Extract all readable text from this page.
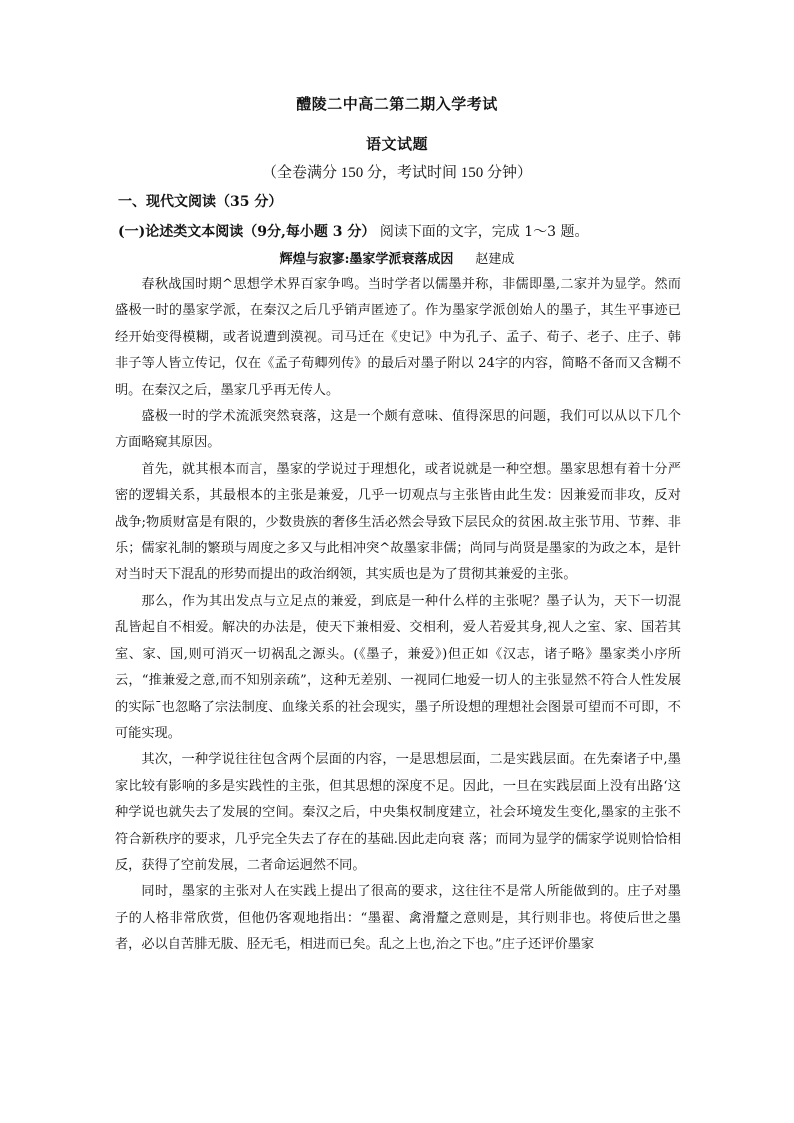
醴陵二中高二第二期入学考试
语文试题
（全卷满分 150 分，考试时间 150 分钟）
一、现代文阅读（35 分）
(一)论述类文本阅读（9分,每小题 3 分） 阅读下面的文字，完成 1～3 题。
辉煌与寂寥:墨家学派衰落成因 赵建成

春秋战国时期^思想学术界百家争鸣。当时学者以儒墨并称，非儒即墨,二家并为显学。然而盛极一时的墨家学派，在秦汉之后几乎销声匿迹了。作为墨家学派创始人的墨子，其生平事迹已经开始变得模糊，或者说遭到漠视。司马迁在《史记》中为孔子、孟子、荀子、老子、庄子、韩非子等人皆立传记，仅在《孟子荀卿列传》的最后对墨子附以 24字的内容，简略不备而又含糊不明。在秦汉之后，墨家几乎再无传人。

盛极一时的学术流派突然衰落，这是一个颇有意味、值得深思的问题，我们可以从以下几个方面略窥其原因。

首先，就其根本而言，墨家的学说过于理想化，或者说就是一种空想。墨家思想有着十分严密的逻辑关系，其最根本的主张是兼爱，几乎一切观点与主张皆由此生发：因兼爱而非攻，反对战争;物质财富是有限的，少数贵族的奢侈生活必然会导致下层民众的贫困.故主张节用、节葬、非乐；儒家礼制的繁琐与周度之多又与此相冲突^故墨家非儒；尚同与尚贤是墨家的为政之本，是针对当时天下混乱的形势而提出的政治纲领，其实质也是为了贯彻其兼爱的主张。

那么，作为其出发点与立足点的兼爱，到底是一种什么样的主张呢？墨子认为，天下一切混乱皆起自不相爱。解决的办法是，使天下兼相爱、交相利，爱人若爱其身,视人之室、家、国若其室、家、国,则可消灭一切祸乱之源头。(《墨子，兼爱》)但正如《汉志，诸子略》墨家类小序所云，“推兼爱之意,而不知别亲疏”，这种无差别、一视同仁地爱一切人的主张显然不符合人性发展的实际¯也忽略了宗法制度、血缘关系的社会现实，墨子所设想的理想社会图景可望而不可即，不可能实现。

其次，一种学说往往包含两个层面的内容，一是思想层面，二是实践层面。在先秦诸子中,墨家比较有影响的多是实践性的主张，但其思想的深度不足。因此，一旦在实践层面上没有出路‘这种学说也就失去了发展的空间。秦汉之后，中央集权制度建立，社会环境发生变化,墨家的主张不符合新秩序的要求，几乎完全失去了存在的基础.因此走向衰 落；而同为显学的儒家学说则恰恰相反，获得了空前发展，二者命运迥然不同。

同时，墨家的主张对人在实践上提出了很高的要求，这往往不是常人所能做到的。庄子对墨子的人格非常欣赏，但他仍客观地指出：“墨翟、禽滑釐之意则是，其行则非也。将使后世之墨者，必以自苦腓无胈、胫无毛，相进而已矣。乱之上也,治之下也。”庄子还评价墨家
